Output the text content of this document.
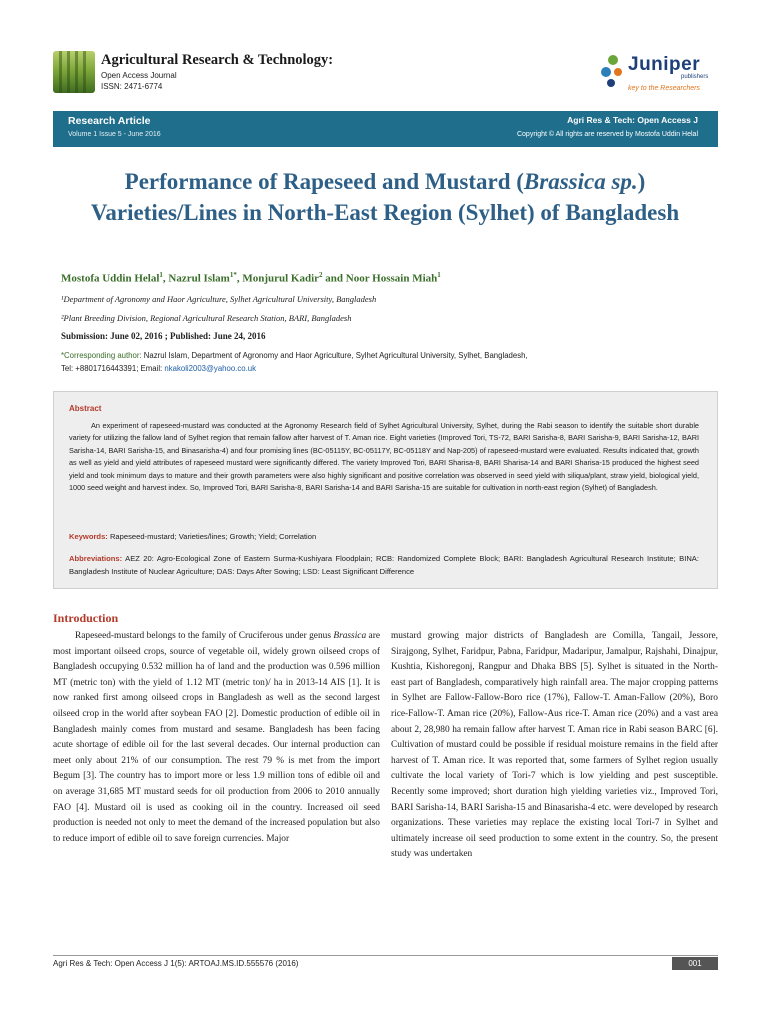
Agricultural Research & Technology:
Open Access Journal
ISSN: 2471-6774
Juniper
publishers
key to the Researchers
Research Article
Volume 1 Issue 5 - June 2016
Agri Res & Tech: Open Access J
Copyright © All rights are reserved by Mostofa Uddin Helal
Performance of Rapeseed and Mustard (Brassica sp.) Varieties/Lines in North-East Region (Sylhet) of Bangladesh
Mostofa Uddin Helal$^1$, Nazrul Islam$^{1*}$, Monjurul Kadir$^2$ and Noor Hossain Miah$^1$
¹Department of Agronomy and Haor Agriculture, Sylhet Agricultural University, Bangladesh
²Plant Breeding Division, Regional Agricultural Research Station, BARI, Bangladesh
Submission: June 02, 2016 ; Published: June 24, 2016
*Corresponding author: Nazrul Islam, Department of Agronomy and Haor Agriculture, Sylhet Agricultural University, Sylhet, Bangladesh,
Tel: +8801716443391; Email: nkakoli2003@yahoo.co.uk
Abstract
An experiment of rapeseed-mustard was conducted at the Agronomy Research field of Sylhet Agricultural University, Sylhet, during the Rabi season to identify the suitable short durable variety for utilizing the fallow land of Sylhet region that remain fallow after harvest of T. Aman rice. Eight varieties (Improved Tori, TS-72, BARI Sarisha-8, BARI Sarisha-9, BARI Sarisha-12, BARI Sarisha-14, BARI Sarisha-15, and Binasarisha-4) and four promising lines (BC-05115Y, BC-05117Y, BC-05118Y and Nap-205) of rapeseed-mustard were evaluated. Results indicated that, growth as well as yield and yield attributes of rapeseed mustard were significantly differed. The variety Improved Tori, BARI Sharisa-8, BARI Sharisa-14 and BARI Sharisa-15 produced the highest seed yield and took minimum days to mature and their growth parameters were also highly significant and positive correlation was observed in seed yield with siliqua/plant, straw yield, biological yield, 1000 seed weight and harvest index. So, Improved Tori, BARI Sarisha-8, BARI Sarisha-14 and BARI Sarisha-15 are suitable for cultivation in north-east region (Sylhet) of Bangladesh.
Keywords: Rapeseed-mustard; Varieties/lines; Growth; Yield; Correlation
Abbreviations: AEZ 20: Agro-Ecological Zone of Eastern Surma-Kushiyara Floodplain; RCB: Randomized Complete Block; BARI: Bangladesh Agricultural Research Institute; BINA: Bangladesh Institute of Nuclear Agriculture; DAS: Days After Sowing; LSD: Least Significant Difference
Introduction
Rapeseed-mustard belongs to the family of Cruciferous under genus Brassica are most important oilseed crops, source of vegetable oil, widely grown oilseed crops of Bangladesh occupying 0.532 million ha of land and the production was 0.596 million MT (metric ton) with the yield of 1.12 MT (metric ton)/ ha in 2013-14 AIS [1]. It is now ranked first among oilseed crops in Bangladesh as well as the second largest oilseed crop in the world after soybean FAO [2]. Domestic production of edible oil in Bangladesh mainly comes from mustard and sesame. Bangladesh has been facing acute shortage of edible oil for the last several decades. Our internal production can meet only about 21% of our consumption. The rest 79 % is met from the import Begum [3]. The country has to import more or less 1.9 million tons of edible oil and on average 31,685 MT mustard seeds for oil production from 2006 to 2010 annually FAO [4]. Mustard oil is used as cooking oil in the country. Increased oil seed production is needed not only to meet the demand of the increased population but also to reduce import of edible oil to save foreign currencies. Major
mustard growing major districts of Bangladesh are Comilla, Tangail, Jessore, Sirajgong, Sylhet, Faridpur, Pabna, Faridpur, Madaripur, Jamalpur, Rajshahi, Dinajpur, Kushtia, Kishoregonj, Rangpur and Dhaka BBS [5]. Sylhet is situated in the North-east part of Bangladesh, comparatively high rainfall area. The major cropping patterns in Sylhet are Fallow-Fallow-Boro rice (17%), Fallow-T. Aman-Fallow (20%), Boro rice-Fallow-T. Aman rice (20%), Fallow-Aus rice-T. Aman rice (20%) and a vast area about 2, 28,980 ha remain fallow after harvest T. Aman rice in Rabi season BARC [6]. Cultivation of mustard could be possible if residual moisture remains in the field after harvest of T. Aman rice. It was reported that, some farmers of Sylhet region usually cultivate the local variety of Tori-7 which is low yielding and pest susceptible. Recently some improved; short duration high yielding varieties viz., Improved Tori, BARI Sarisha-14, BARI Sarisha-15 and Binasarisha-4 etc. were developed by research organizations. These varieties may replace the existing local Tori-7 in Sylhet and ultimately increase oil seed production to some extent in the country. So, the present study was undertaken
Agri Res & Tech: Open Access J 1(5): ARTOAJ.MS.ID.555576 (2016)	001
